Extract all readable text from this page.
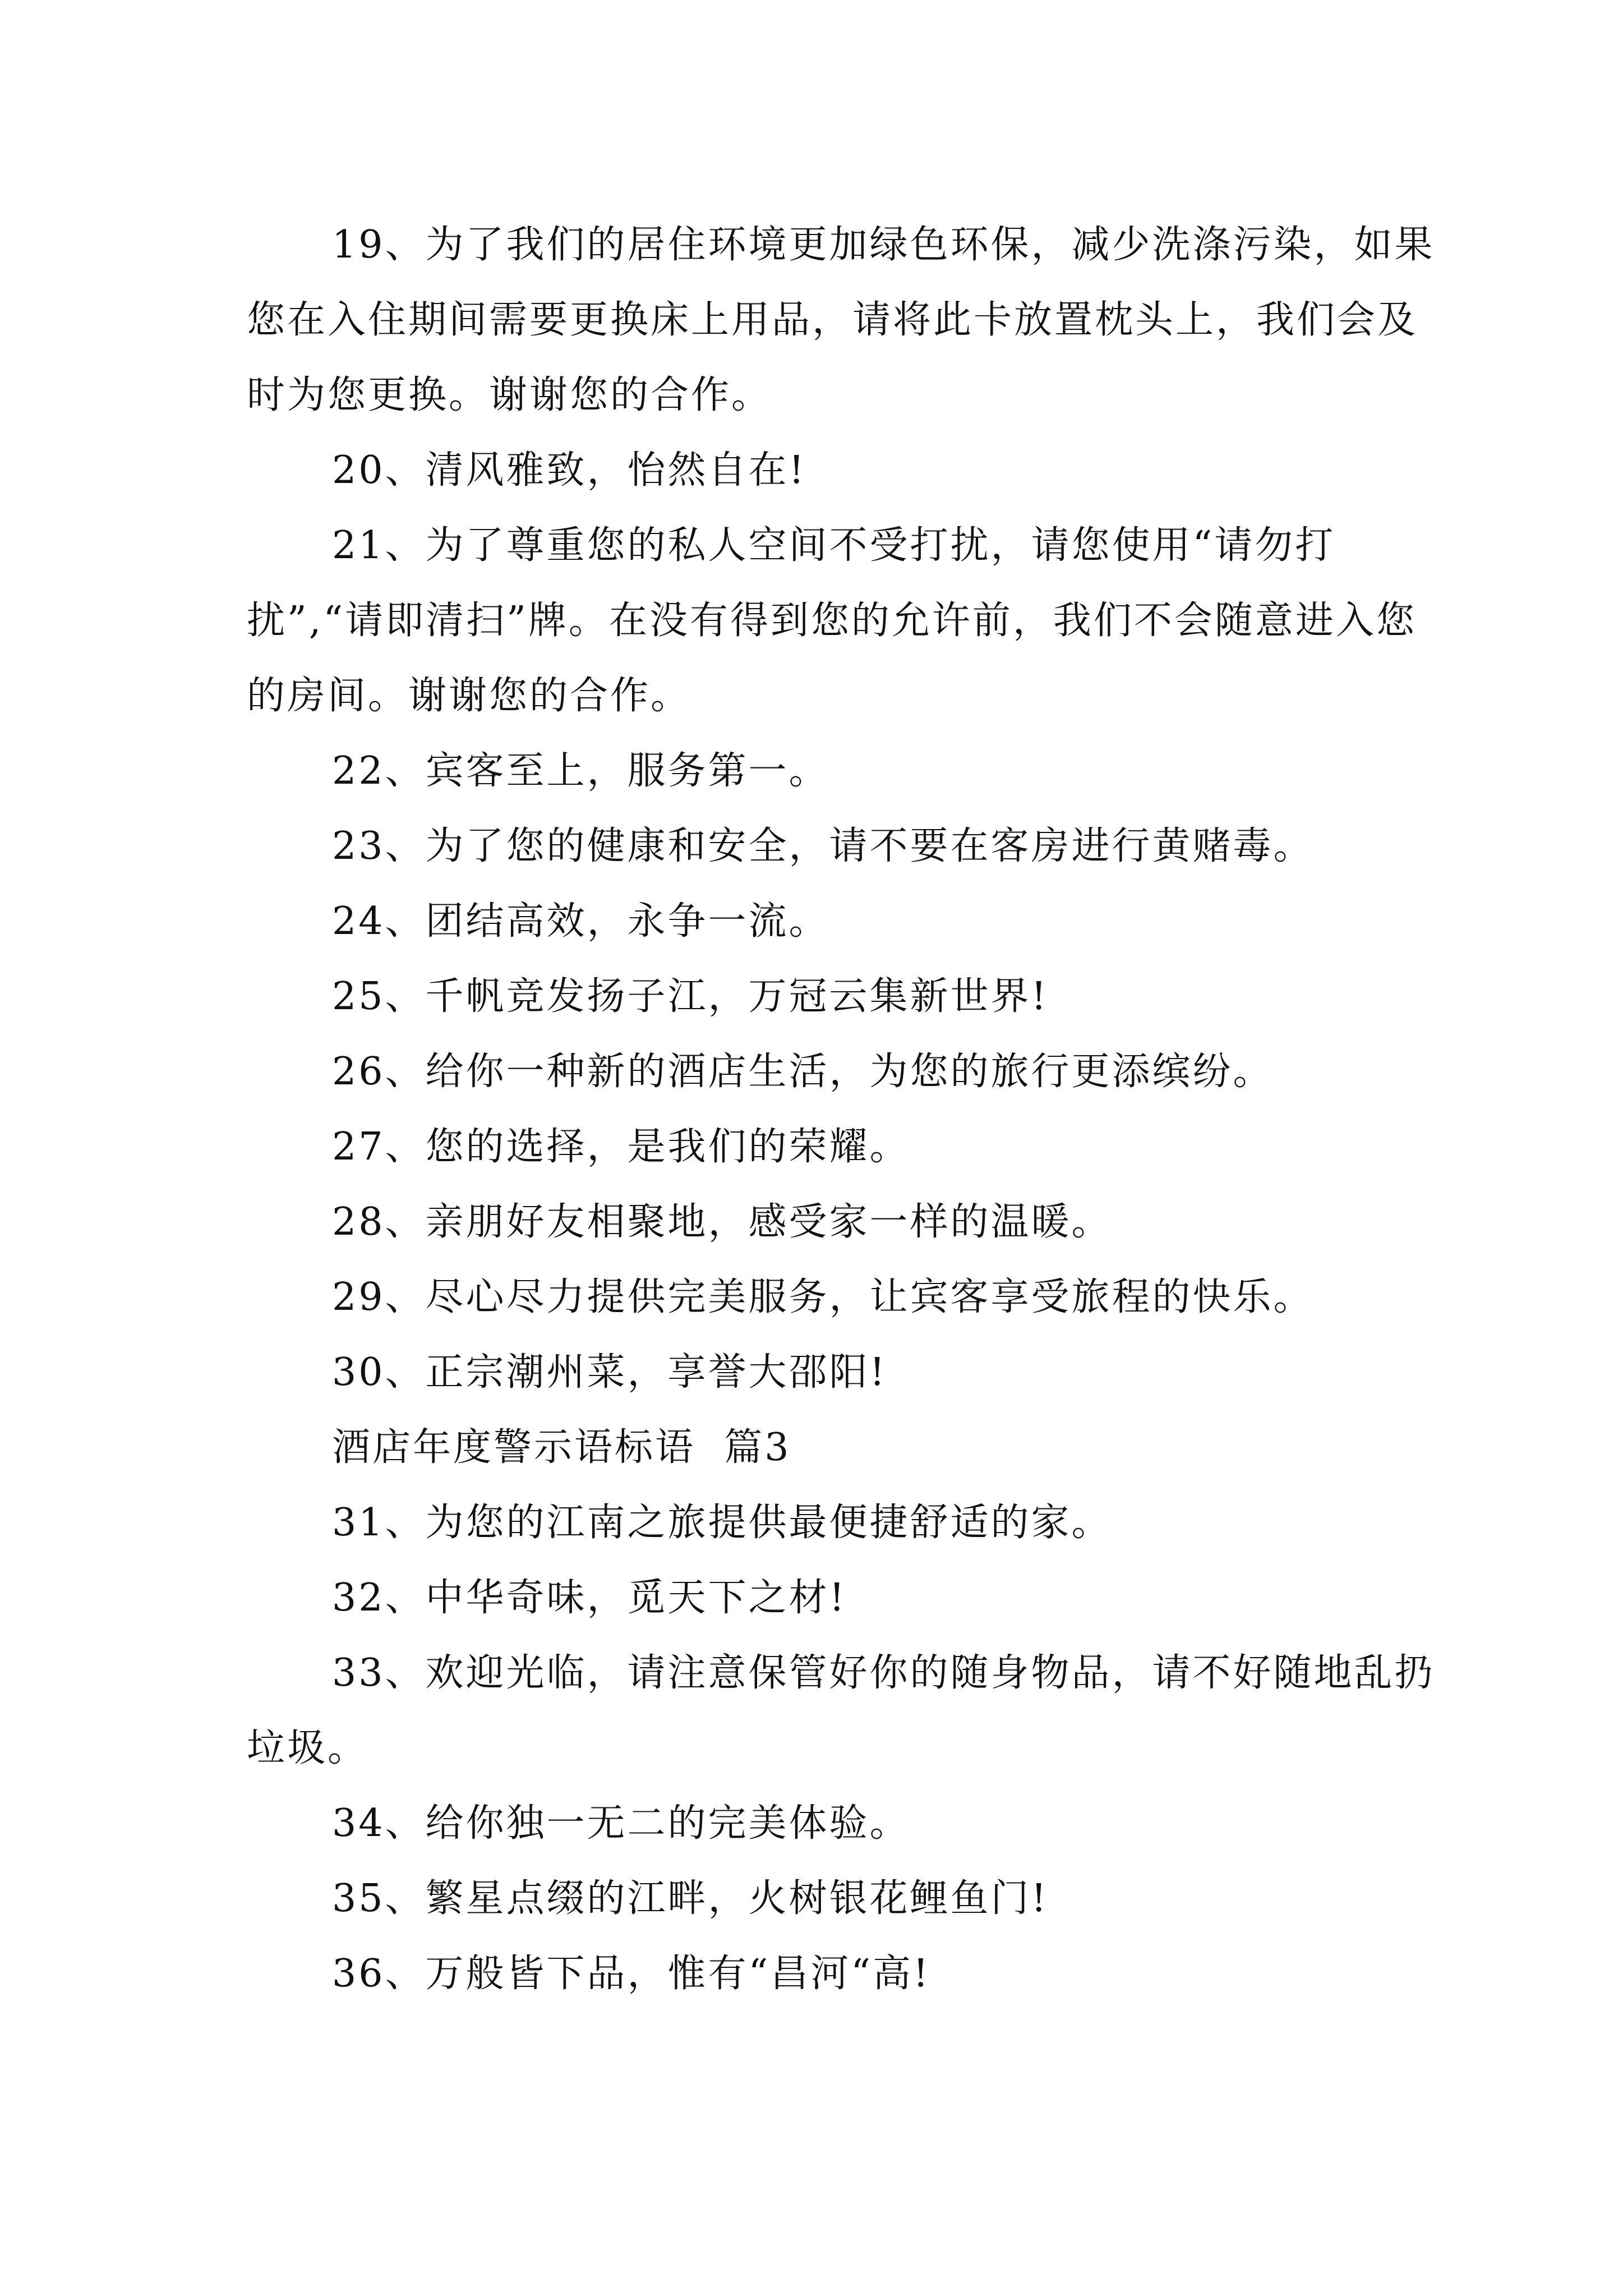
19、为了我们的居住环境更加绿色环保，减少洗涤污染，如果您在入住期间需要更换床上用品，请将此卡放置枕头上，我们会及时为您更换。谢谢您的合作。

20、清风雅致，怡然自在!

21、为了尊重您的私人空间不受打扰，请您使用“请勿打扰”,“请即清扫”牌。在没有得到您的允许前，我们不会随意进入您的房间。谢谢您的合作。

22、宾客至上，服务第一。

23、为了您的健康和安全，请不要在客房进行黄赌毒。

24、团结高效，永争一流。

25、千帆竞发扬子江，万冠云集新世界!

26、给你一种新的酒店生活，为您的旅行更添缤纷。

27、您的选择，是我们的荣耀。

28、亲朋好友相聚地，感受家一样的温暖。

29、尽心尽力提供完美服务，让宾客享受旅程的快乐。

30、正宗潮州菜，享誉大邵阳!

酒店年度警示语标语  篇3

31、为您的江南之旅提供最便捷舒适的家。

32、中华奇味，觅天下之材!

33、欢迎光临，请注意保管好你的随身物品，请不好随地乱扔垃圾。

34、给你独一无二的完美体验。

35、繁星点缀的江畔，火树银花鲤鱼门!

36、万般皆下品，惟有“昌河“高!
